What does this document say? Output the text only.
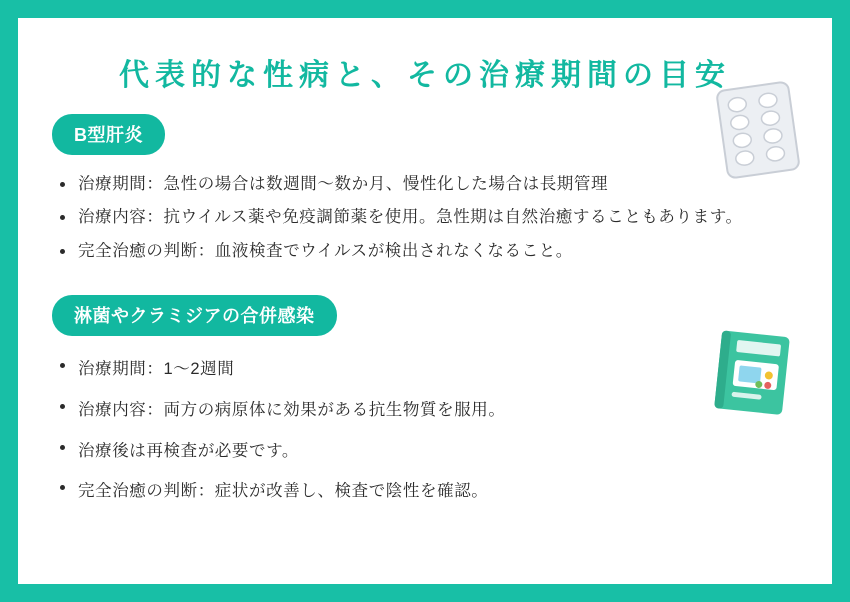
代表的な性病と、その治療期間の目安
B型肝炎
治療期間：急性の場合は数週間〜数か月、慢性化した場合は長期管理
治療内容：抗ウイルス薬や免疫調節薬を使用。急性期は自然治癒することもあります。
完全治癒の判断：血液検査でウイルスが検出されなくなること。
淋菌やクラミジアの合併感染
治療期間：1〜2週間
治療内容：両方の病原体に効果がある抗生物質を服用。
治療後は再検査が必要です。
完全治癒の判断：症状が改善し、検査で陰性を確認。
